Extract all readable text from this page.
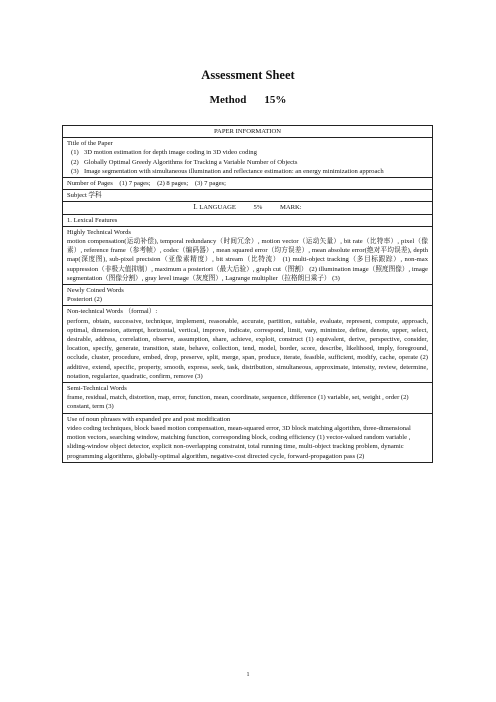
Assessment Sheet
Method 15%
PAPER INFORMATION

Title of the Paper
(1) 3D motion estimation for depth image coding in 3D video coding
(2) Globally Optimal Greedy Algorithms for Tracking a Variable Number of Objects
(3) Image segmentation with simultaneous illumination and reflectance estimation: an energy minimization approach

Number of Pages    (1) 7 pages;    (2) 8 pages;    (3) 7 pages;
Subject 学科
Ⅰ. LANGUAGE	5%	MARK:
1. Lexical Features

Highly Technical Words
motion compensation(运动补偿), temporal redundancy（时间冗余）, motion vector（运动矢量）, bit rate（比特率）, pixel（像素）, reference frame（参考帧）, codec（编码器）, mean squared error（均方误差）, mean absolute error(绝对平均误差), depth map(深度图), sub-pixel precision（亚像素精度）, bit stream（比特流） (1) multi-object tracking（多目标跟踪）, non-max suppression（非极大值抑制）, maximum a posteriori（最大后验）, graph cut（图割） (2) illumination image（照度图像）, image segmentation（图像分割）, gray level image（灰度图）, Lagrange multiplier（拉格朗日乘子） (3)

Newly Coined Words
Posteriori (2)

Non-technical Words （formal）:
perform, obtain, successive, technique, implement, reasonable, accurate, partition, suitable, evaluate, represent, compute, approach, optimal, dimension, attempt, horizontal, vertical, improve, indicate, correspond, limit, vary, minimize, define, denote, upper, select, desirable, address, correlation, observe, assumption, share, achieve, exploit, construct (1) equivalent, derive, perspective, consider, location, specify, generate, transition, state, behave, collection, tend, model, border, score, describe, likelihood, imply, foreground, occlude, cluster, procedure, embed, drop, preserve, split, merge, span, produce, iterate, feasible, sufficient, modify, cache, operate (2) additive, extend, specific, property, smooth, express, seek, task, distribution, simultaneous, approximate, intensity, review, determine, notation, regularize, quadratic, confirm, remove (3)

Semi-Technical Words
frame, residual, match, distortion, map, error, function, mean, coordinate, sequence, difference (1) variable, set, weight , order (2) constant, term (3)

Use of noun phrases with expanded pre and post modification
video coding techniques, block based motion compensation, mean-squared error, 3D block matching algorithm, three-dimensional motion vectors, searching window, matching function, corresponding block, coding efficiency (1) vector-valued random variable , sliding-window object detector, explicit non-overlapping constraint, total running time, multi-object tracking problem, dynamic programming algorithms, globally-optimal algorithm, negative-cost directed cycle, forward-propagation pass (2)
1
